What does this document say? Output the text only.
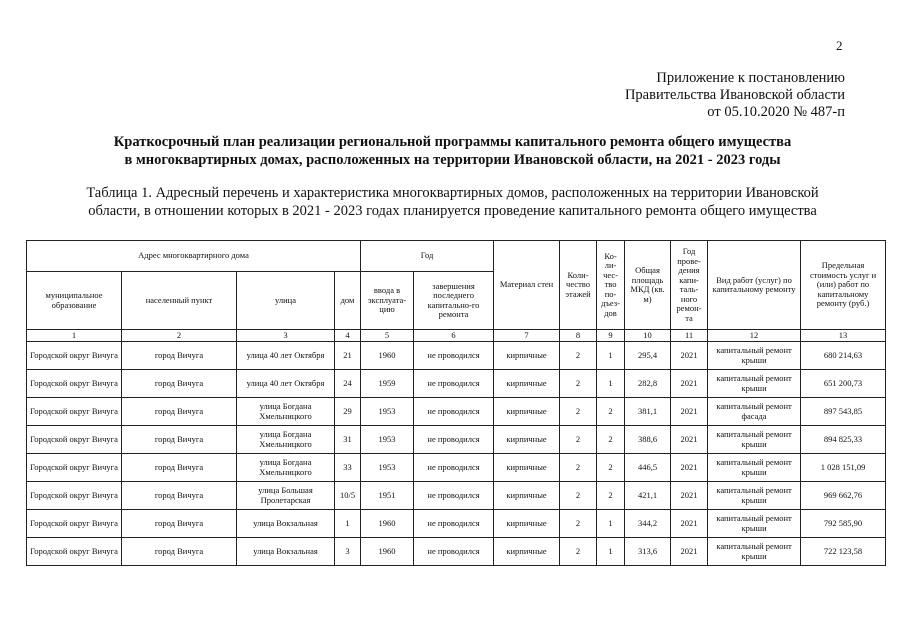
2
Приложение к постановлению
Правительства Ивановской области
от 05.10.2020 № 487-п
Краткосрочный план реализации региональной программы капитального ремонта общего имущества
в многоквартирных домах, расположенных на территории Ивановской области, на 2021 - 2023 годы
Таблица 1. Адресный перечень и характеристика многоквартирных домов, расположенных на территории Ивановской
области, в отношении которых в 2021 - 2023 годах планируется проведение капитального ремонта общего имущества
Адрес многоквартирного дома				Год		Материал стен	Коли-чество этажей	Ко-ли-чес-тво по-дъез-дов	Общая площадь МКД (кв. м)	Год прове-дения капи-таль-ного ремон-та	Вид работ (услуг) по капитальному ремонту	Предельная стоимость услуг и (или) работ по капитальному ремонту (руб.)
муниципальное образование	населенный пункт	улица	дом	ввода в эксплуата-цию	завершения последнего капитально-го ремонта							
1	2	3	4	5	6	7	8	9	10	11	12	13
Городской округ Вичуга	город Вичуга	улица 40 лет Октября	21	1960	не проводился	кирпичные	2	1	295,4	2021	капитальный ремонт крыши	680 214,63
Городской округ Вичуга	город Вичуга	улица 40 лет Октября	24	1959	не проводился	кирпичные	2	1	282,8	2021	капитальный ремонт крыши	651 200,73
Городской округ Вичуга	город Вичуга	улица Богдана Хмельницкого	29	1953	не проводился	кирпичные	2	2	381,1	2021	капитальный ремонт фасада	897 543,85
Городской округ Вичуга	город Вичуга	улица Богдана Хмельницкого	31	1953	не проводился	кирпичные	2	2	388,6	2021	капитальный ремонт крыши	894 825,33
Городской округ Вичуга	город Вичуга	улица Богдана Хмельницкого	33	1953	не проводился	кирпичные	2	2	446,5	2021	капитальный ремонт крыши	1 028 151,09
Городской округ Вичуга	город Вичуга	улица Большая Пролетарская	10/5	1951	не проводился	кирпичные	2	2	421,1	2021	капитальный ремонт крыши	969 662,76
Городской округ Вичуга	город Вичуга	улица Вокзальная	1	1960	не проводился	кирпичные	2	1	344,2	2021	капитальный ремонт крыши	792 585,90
Городской округ Вичуга	город Вичуга	улица Вокзальная	3	1960	не проводился	кирпичные	2	1	313,6	2021	капитальный ремонт крыши	722 123,58
